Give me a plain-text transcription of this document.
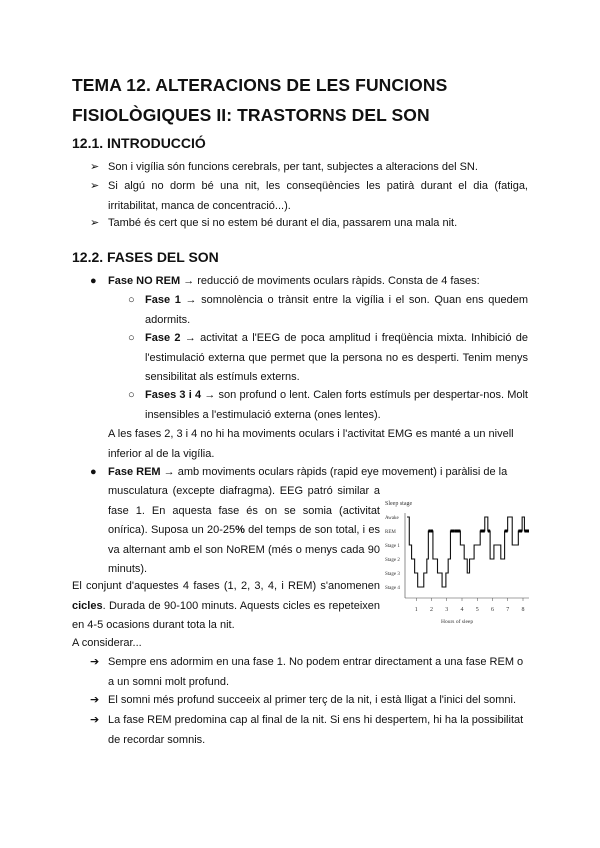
TEMA 12. ALTERACIONS DE LES FUNCIONS FISIOLÒGIQUES II: TRASTORNS DEL SON
12.1. INTRODUCCIÓ
➢ Son i vigília són funcions cerebrals, per tant, subjectes a alteracions del SN.

➢ Si algú no dorm bé una nit, les conseqüències les patirà durant el dia (fatiga, irritabilitat, manca de concentració...).

➢ També és cert que si no estem bé durant el dia, passarem una mala nit.

12.2. FASES DEL SON
● Fase NO REM → reducció de moviments oculars ràpids. Consta de 4 fases:

○ Fase 1 → somnolència o trànsit entre la vigília i el son. Quan ens quedem adormits.

○ Fase 2 → activitat a l'EEG de poca amplitud i freqüència mixta. Inhibició de l'estimulació externa que permet que la persona no es desperti. Tenim menys sensibilitat als estímuls externs.

○ Fases 3 i 4 → son profund o lent. Calen forts estímuls per despertar-nos. Molt insensibles a l'estimulació externa (ones lentes).

A les fases 2, 3 i 4 no hi ha moviments oculars i l'activitat EMG es manté a un nivell inferior al de la vigília.

● Fase REM → amb moviments oculars ràpids (rapid eye movement) i paràlisi de la

musculatura (excepte diafragma). EEG patró similar a fase 1. En aquesta fase és on se somia (activitat onírica). Suposa un 20-25% del temps de son total, i es va alternant amb el son NoREM (més o menys cada 90 minuts).

El conjunt d'aquestes 4 fases (1, 2, 3, 4, i REM) s'anomenen cicles. Durada de 90-100 minuts. Aquests cicles es repeteixen en 4-5 ocasions durant tota la nit.

Sleep stage
Awake
REM
Stage 1
Stage 2
Stage 3
Stage 4
1 2 3 4 5 6 7 8
Hours of sleep

A considerar...

➔ Sempre ens adormim en una fase 1. No podem entrar directament a una fase REM o a un somni molt profund.

➔ El somni més profund succeeix al primer terç de la nit, i està lligat a l'inici del somni.

➔ La fase REM predomina cap al final de la nit. Si ens hi despertem, hi ha la possibilitat de recordar somnis.
